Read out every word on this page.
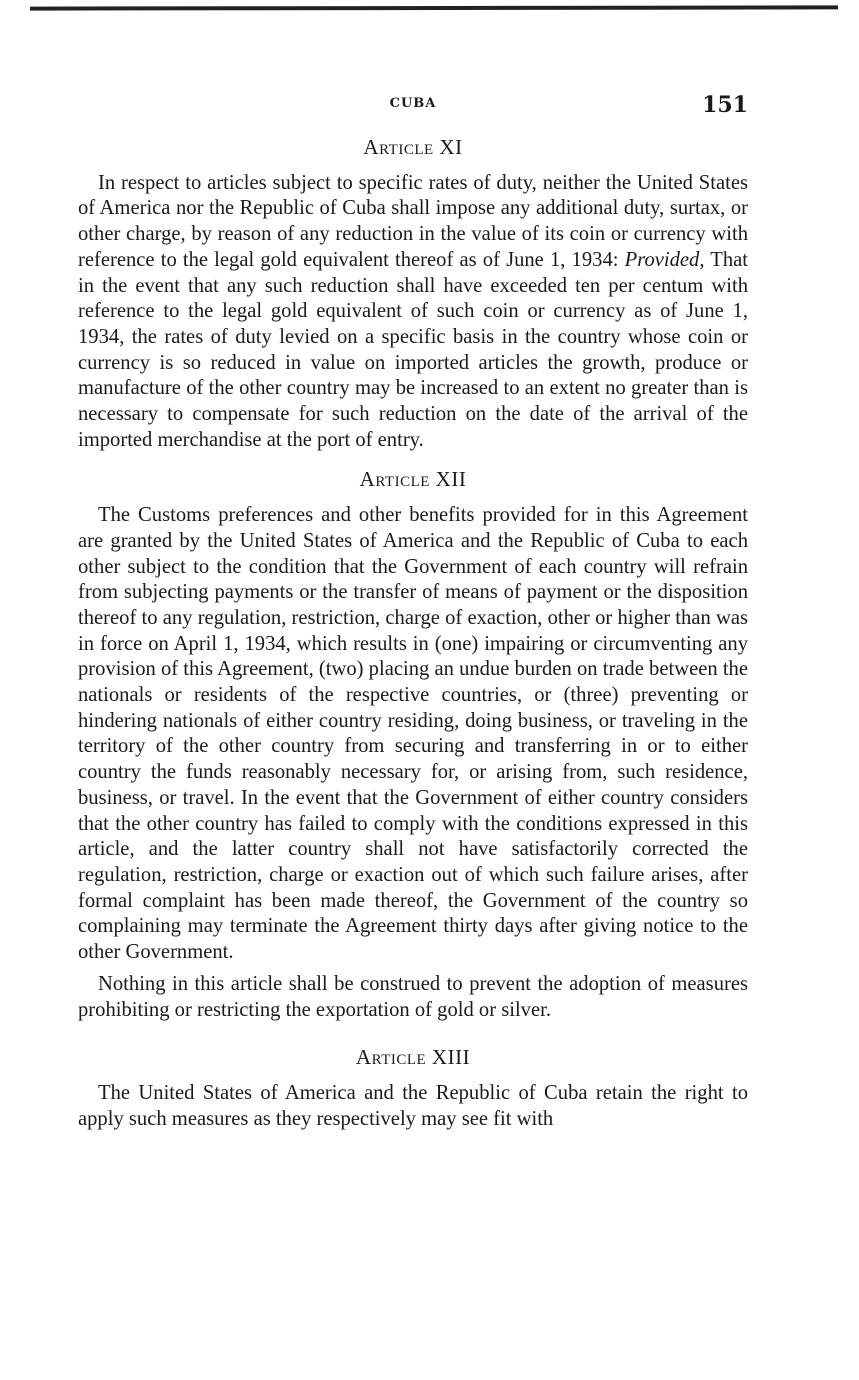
CUBA	151
Article XI

In respect to articles subject to specific rates of duty, neither the United States of America nor the Republic of Cuba shall impose any additional duty, surtax, or other charge, by reason of any reduction in the value of its coin or currency with reference to the legal gold equivalent thereof as of June 1, 1934: Provided, That in the event that any such reduction shall have exceeded ten per centum with reference to the legal gold equivalent of such coin or currency as of June 1, 1934, the rates of duty levied on a specific basis in the country whose coin or currency is so reduced in value on imported articles the growth, produce or manufacture of the other country may be increased to an extent no greater than is necessary to compensate for such reduction on the date of the arrival of the imported merchandise at the port of entry.

Article XII

The Customs preferences and other benefits provided for in this Agreement are granted by the United States of America and the Republic of Cuba to each other subject to the condition that the Government of each country will refrain from subjecting payments or the transfer of means of payment or the disposition thereof to any regulation, restriction, charge of exaction, other or higher than was in force on April 1, 1934, which results in (one) impairing or circumventing any provision of this Agreement, (two) placing an undue burden on trade between the nationals or residents of the respective countries, or (three) preventing or hindering nationals of either country residing, doing business, or traveling in the territory of the other country from securing and transferring in or to either country the funds reasonably necessary for, or arising from, such residence, business, or travel. In the event that the Government of either country considers that the other country has failed to comply with the conditions expressed in this article, and the latter country shall not have satisfactorily corrected the regulation, restriction, charge or exaction out of which such failure arises, after formal complaint has been made thereof, the Government of the country so complaining may terminate the Agreement thirty days after giving notice to the other Government.

Nothing in this article shall be construed to prevent the adoption of measures prohibiting or restricting the exportation of gold or silver.

Article XIII

The United States of America and the Republic of Cuba retain the right to apply such measures as they respectively may see fit with
